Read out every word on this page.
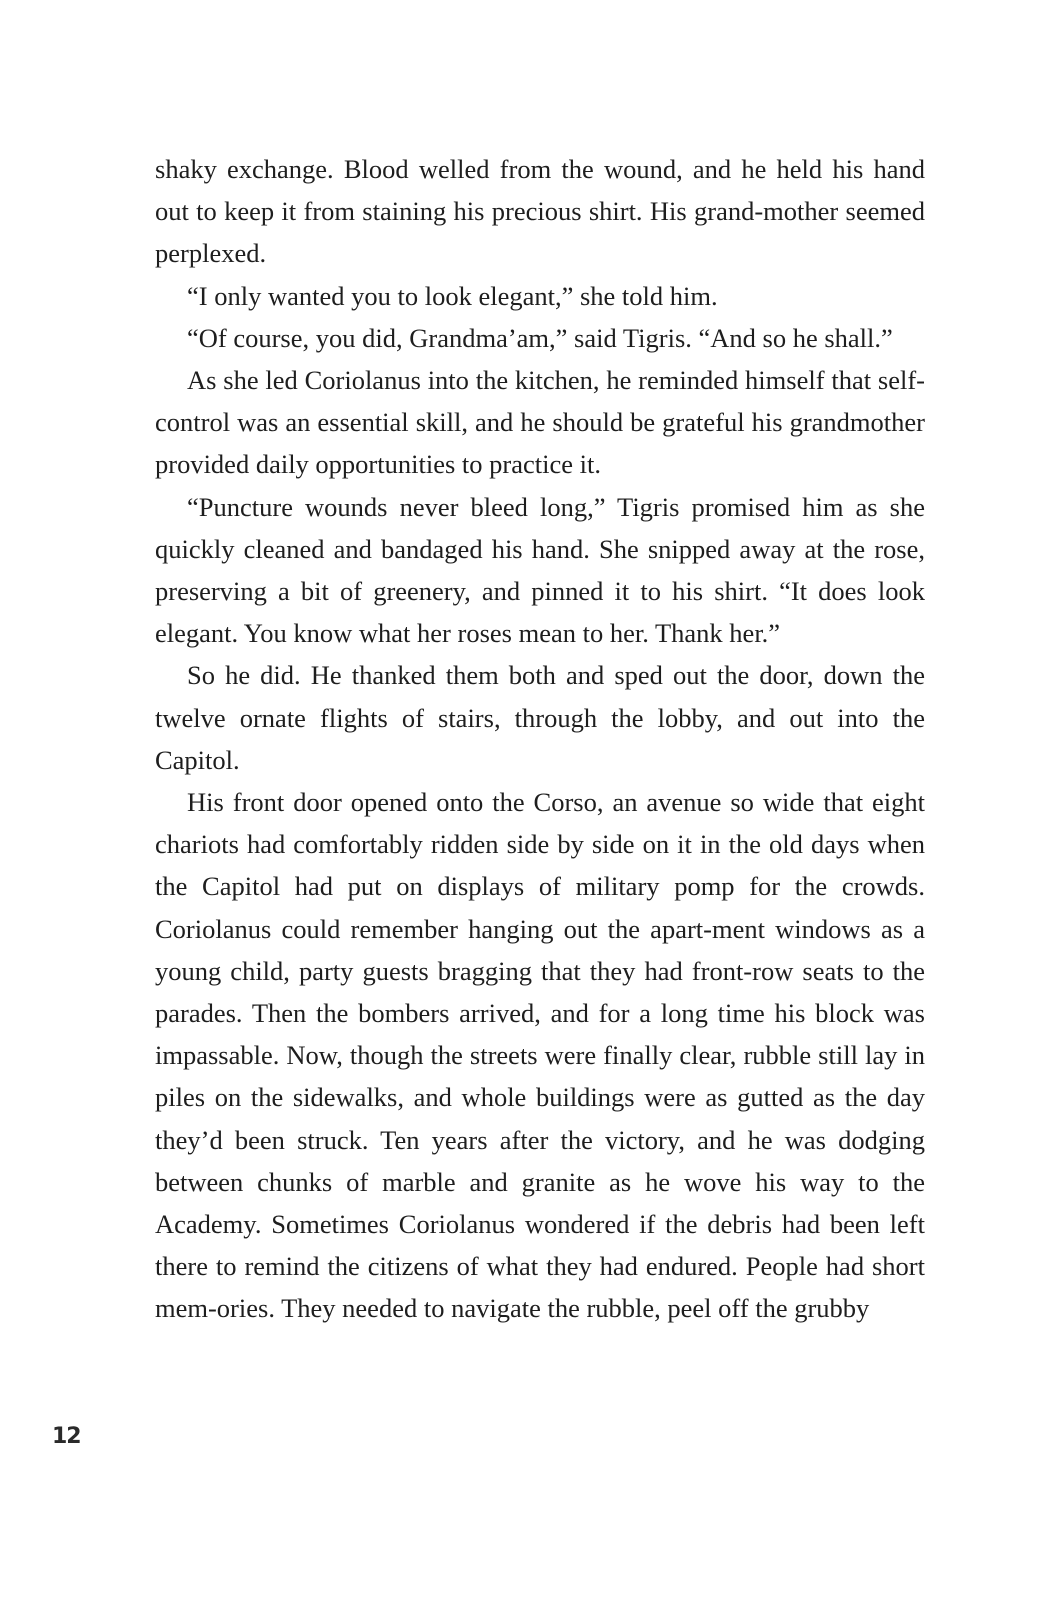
shaky exchange. Blood welled from the wound, and he held his hand out to keep it from staining his precious shirt. His grand-mother seemed perplexed.

“I only wanted you to look elegant,” she told him.

“Of course, you did, Grandma’am,” said Tigris. “And so he shall.”

As she led Coriolanus into the kitchen, he reminded himself that self-control was an essential skill, and he should be grateful his grandmother provided daily opportunities to practice it.

“Puncture wounds never bleed long,” Tigris promised him as she quickly cleaned and bandaged his hand. She snipped away at the rose, preserving a bit of greenery, and pinned it to his shirt. “It does look elegant. You know what her roses mean to her. Thank her.”

So he did. He thanked them both and sped out the door, down the twelve ornate flights of stairs, through the lobby, and out into the Capitol.

His front door opened onto the Corso, an avenue so wide that eight chariots had comfortably ridden side by side on it in the old days when the Capitol had put on displays of military pomp for the crowds. Coriolanus could remember hanging out the apart-ment windows as a young child, party guests bragging that they had front-row seats to the parades. Then the bombers arrived, and for a long time his block was impassable. Now, though the streets were finally clear, rubble still lay in piles on the sidewalks, and whole buildings were as gutted as the day they’d been struck. Ten years after the victory, and he was dodging between chunks of marble and granite as he wove his way to the Academy. Sometimes Coriolanus wondered if the debris had been left there to remind the citizens of what they had endured. People had short mem-ories. They needed to navigate the rubble, peel off the grubby

12
